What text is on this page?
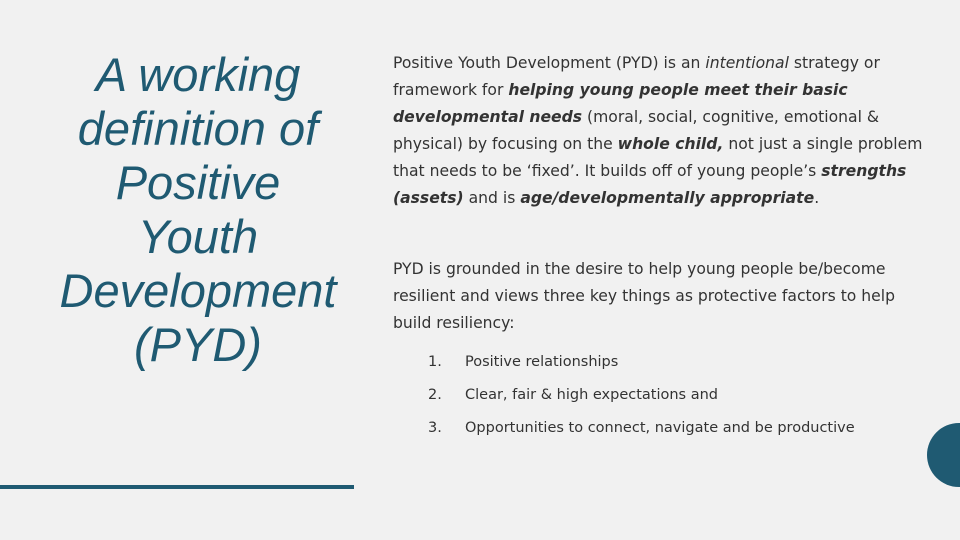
A working
definition of
Positive
Youth
Development
(PYD)

Positive Youth Development (PYD) is an intentional strategy or framework for helping young people meet their basic developmental needs (moral, social, cognitive, emotional & physical) by focusing on the whole child, not just a single problem that needs to be ‘fixed’. It builds off of young people’s strengths (assets) and is age/developmentally appropriate.

PYD is grounded in the desire to help young people be/become resilient and views three key things as protective factors to help build resiliency:

1. Positive relationships
2. Clear, fair & high expectations and
3. Opportunities to connect, navigate and be productive
